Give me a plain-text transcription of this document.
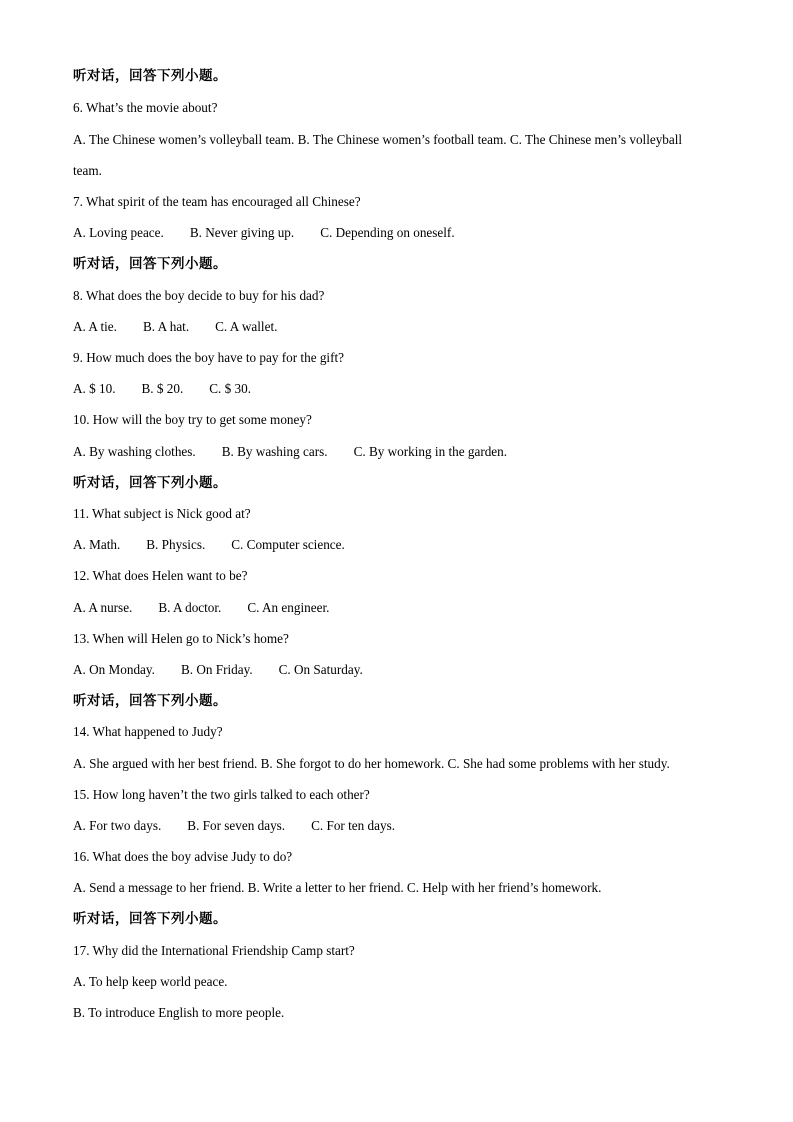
听对话，回答下列小题。
6. What’s the movie about?
A. The Chinese women’s volleyball team. B. The Chinese women’s football team. C. The Chinese men’s volleyball
team.
7. What spirit of the team has encouraged all Chinese?
A. Loving peace. B. Never giving up. C. Depending on oneself.
听对话，回答下列小题。
8. What does the boy decide to buy for his dad?
A. A tie. B. A hat. C. A wallet.
9. How much does the boy have to pay for the gift?
A. $ 10. B. $ 20. C. $ 30.
10. How will the boy try to get some money?
A. By washing clothes. B. By washing cars. C. By working in the garden.
听对话，回答下列小题。
11. What subject is Nick good at?
A. Math. B. Physics. C. Computer science.
12. What does Helen want to be?
A. A nurse. B. A doctor. C. An engineer.
13. When will Helen go to Nick’s home?
A. On Monday. B. On Friday. C. On Saturday.
听对话，回答下列小题。
14. What happened to Judy?
A. She argued with her best friend. B. She forgot to do her homework. C. She had some problems with her study.
15. How long haven’t the two girls talked to each other?
A. For two days. B. For seven days. C. For ten days.
16. What does the boy advise Judy to do?
A. Send a message to her friend. B. Write a letter to her friend. C. Help with her friend’s homework.
听对话，回答下列小题。
17. Why did the International Friendship Camp start?
A. To help keep world peace.
B. To introduce English to more people.
